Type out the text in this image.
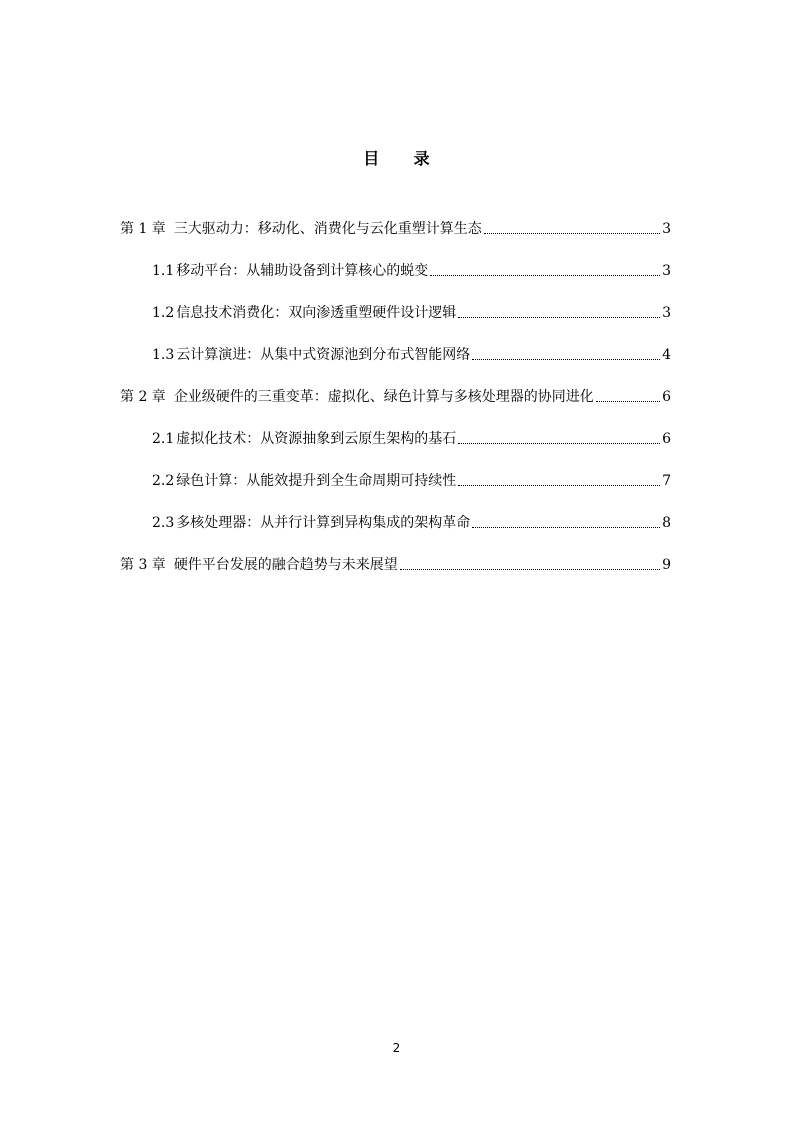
目 录
第 1 章 三大驱动力：移动化、消费化与云化重塑计算生态	3
1.1 移动平台：从辅助设备到计算核心的蜕变	3
1.2 信息技术消费化：双向渗透重塑硬件设计逻辑	3
1.3 云计算演进：从集中式资源池到分布式智能网络	4
第 2 章 企业级硬件的三重变革：虚拟化、绿色计算与多核处理器的协同进化	6
2.1 虚拟化技术：从资源抽象到云原生架构的基石	6
2.2 绿色计算：从能效提升到全生命周期可持续性	7
2.3 多核处理器：从并行计算到异构集成的架构革命	8
第 3 章 硬件平台发展的融合趋势与未来展望	9
2
